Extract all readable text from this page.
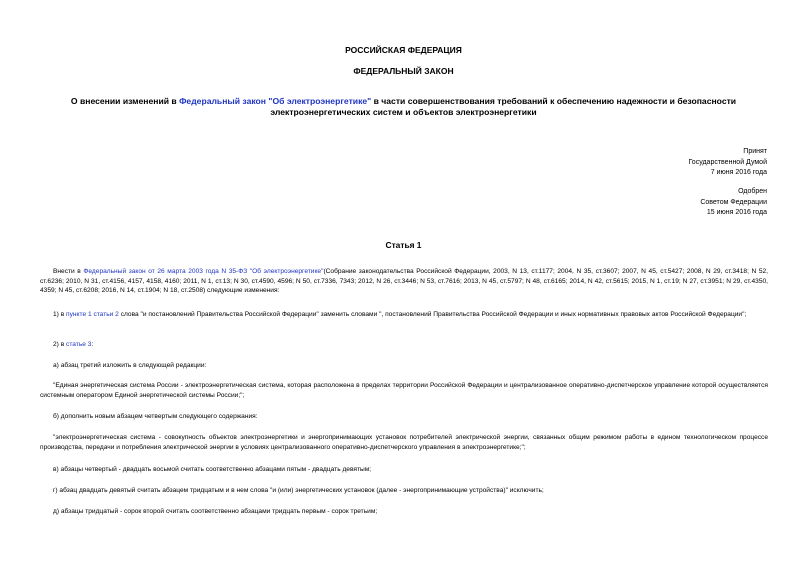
РОССИЙСКАЯ ФЕДЕРАЦИЯ
ФЕДЕРАЛЬНЫЙ ЗАКОН
О внесении изменений в Федеральный закон "Об электроэнергетике" в части совершенствования требований к обеспечению надежности и безопасности
электроэнергетических систем и объектов электроэнергетики
Принят
Государственной Думой
7 июня 2016 года
Одобрен
Советом Федерации
15 июня 2016 года
Статья 1
Внести в Федеральный закон от 26 марта 2003 года N 35-ФЗ "Об электроэнергетике"(Собрание законодательства Российской Федерации, 2003, N 13, ст.1177; 2004, N 35, ст.3607; 2007, N 45, ст.5427; 2008, N 29, ст.3418; N 52, ст.6236; 2010, N 31, ст.4156, 4157, 4158, 4160; 2011, N 1, ст.13; N 30, ст.4590, 4596; N 50, ст.7336, 7343; 2012, N 26, ст.3446; N 53, ст.7616; 2013, N 45, ст.5797; N 48, ст.6165; 2014, N 42, ст.5615; 2015, N 1, ст.19; N 27, ст.3951; N 29, ст.4350, 4359; N 45, ст.6208; 2016, N 14, ст.1904; N 18, ст.2508) следующие изменения:
1) в пункте 1 статьи 2 слова "и постановлений Правительства Российской Федерации" заменить словами ", постановлений Правительства Российской Федерации и иных нормативных правовых актов Российской Федерации";
2) в статье 3:
а) абзац третий изложить в следующей редакции:
"Единая энергетическая система России - электроэнергетическая система, которая расположена в пределах территории Российской Федерации и централизованное оперативно-диспетчерское управление которой осуществляется системным оператором Единой энергетической системы России;";
б) дополнить новым абзацем четвертым следующего содержания:
"электроэнергетическая система - совокупность объектов электроэнергетики и энергопринимающих установок потребителей электрической энергии, связанных общим режимом работы в едином технологическом процессе производства, передачи и потребления электрической энергии в условиях централизованного оперативно-диспетчерского управления в электроэнергетике;";
в) абзацы четвертый - двадцать восьмой считать соответственно абзацами пятым - двадцать девятым;
г) абзац двадцать девятый считать абзацем тридцатым и в нем слова "и (или) энергетических установок (далее - энергопринимающие устройства)" исключить;
д) абзацы тридцатый - сорок второй считать соответственно абзацами тридцать первым - сорок третьим;
